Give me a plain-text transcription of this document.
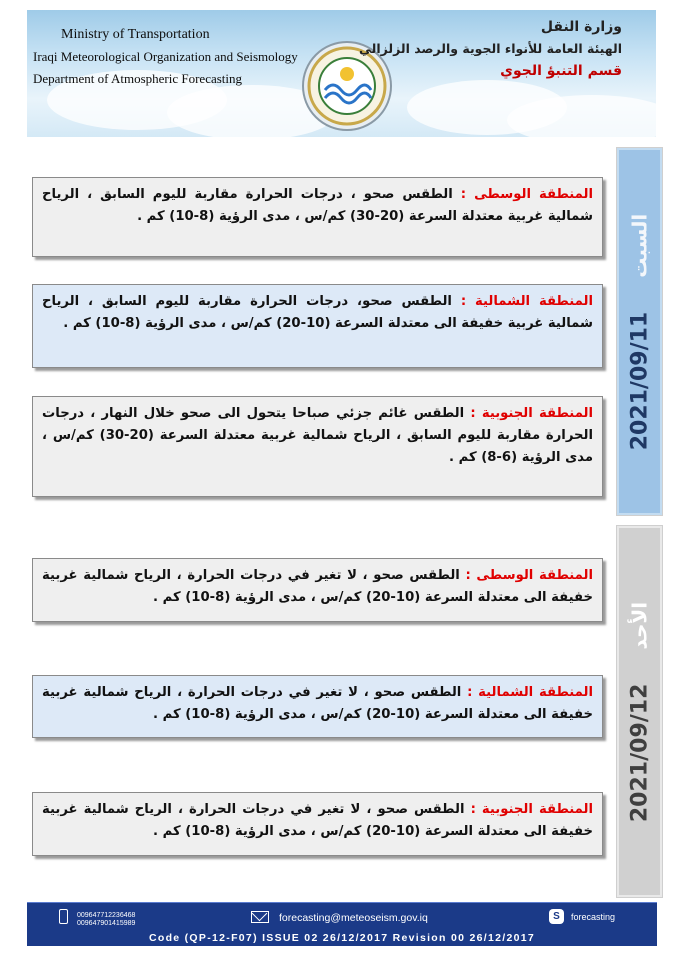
Ministry of Transportation
Iraqi Meteorological Organization and Seismology
Department of Atmospheric Forecasting
وزارة النقل
الهيئة العامة للأنواء الجوية والرصد الزلزالي
قسم التنبؤ الجوي
2021/09/11السبت
2021/09/12الأحد
المنطقة الوسطى : الطقس صحو ، درجات الحرارة مقاربة لليوم السابق ، الرياح شمالية غربية معتدلة السرعة (20-30) كم/س ، مدى الرؤية (8-10) كم .
المنطقة الشمالية : الطقس صحو، درجات الحرارة مقاربة لليوم السابق ، الرياح شمالية غربية خفيفة الى معتدلة السرعة (10-20) كم/س ، مدى الرؤية (8-10) كم .
المنطقة الجنوبية : الطقس غائم جزئي صباحا يتحول الى صحو خلال النهار ، درجات الحرارة مقاربة لليوم السابق ، الرياح شمالية غربية معتدلة السرعة (20-30) كم/س ، مدى الرؤية (6-8) كم .
المنطقة الوسطى : الطقس صحو ، لا تغير في درجات الحرارة ، الرياح شمالية غربية خفيفة الى معتدلة السرعة (10-20) كم/س ، مدى الرؤية (8-10) كم .
المنطقة الشمالية : الطقس صحو ، لا تغير في درجات الحرارة ، الرياح شمالية غربية خفيفة الى معتدلة السرعة (10-20) كم/س ، مدى الرؤية (8-10) كم .
المنطقة الجنوبية : الطقس صحو ، لا تغير في درجات الحرارة ، الرياح شمالية غربية خفيفة الى معتدلة السرعة (10-20) كم/س ، مدى الرؤية (8-10) كم .
009647712236468
009647901415989	forecasting@meteoseism.gov.iq	S	forecasting
Code (QP-12-F07) ISSUE 02 26/12/2017 Revision 00 26/12/2017
